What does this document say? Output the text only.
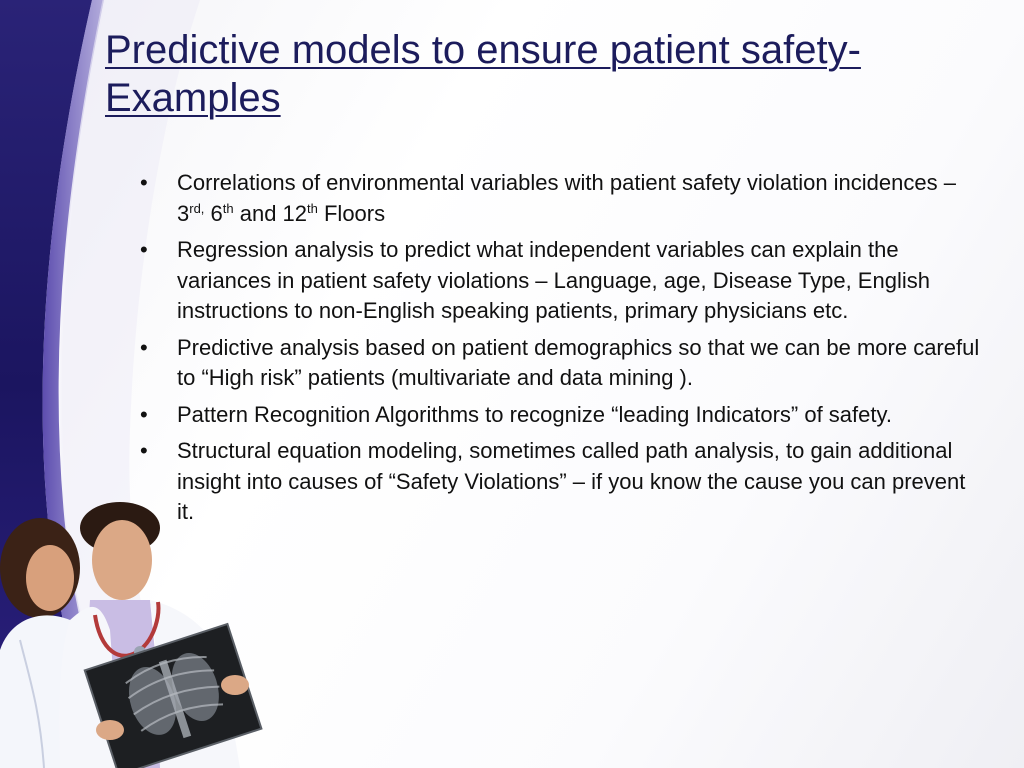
Predictive models to ensure patient safety-
Examples
• Correlations of environmental variables with patient safety violation incidences – $3^{rd,}$ 6th and 12th Floors
• Regression analysis to predict what independent variables can explain the variances in patient safety violations – Language, age, Disease Type, English instructions to non-English speaking patients, primary physicians etc.
• Predictive analysis based on patient demographics so that we can be more careful to “High risk” patients (multivariate and data mining ).
• Pattern Recognition Algorithms to recognize “leading Indicators” of safety.
• Structural equation modeling, sometimes called path analysis, to gain additional insight into causes of “Safety Violations” – if you know the cause you can prevent it.
